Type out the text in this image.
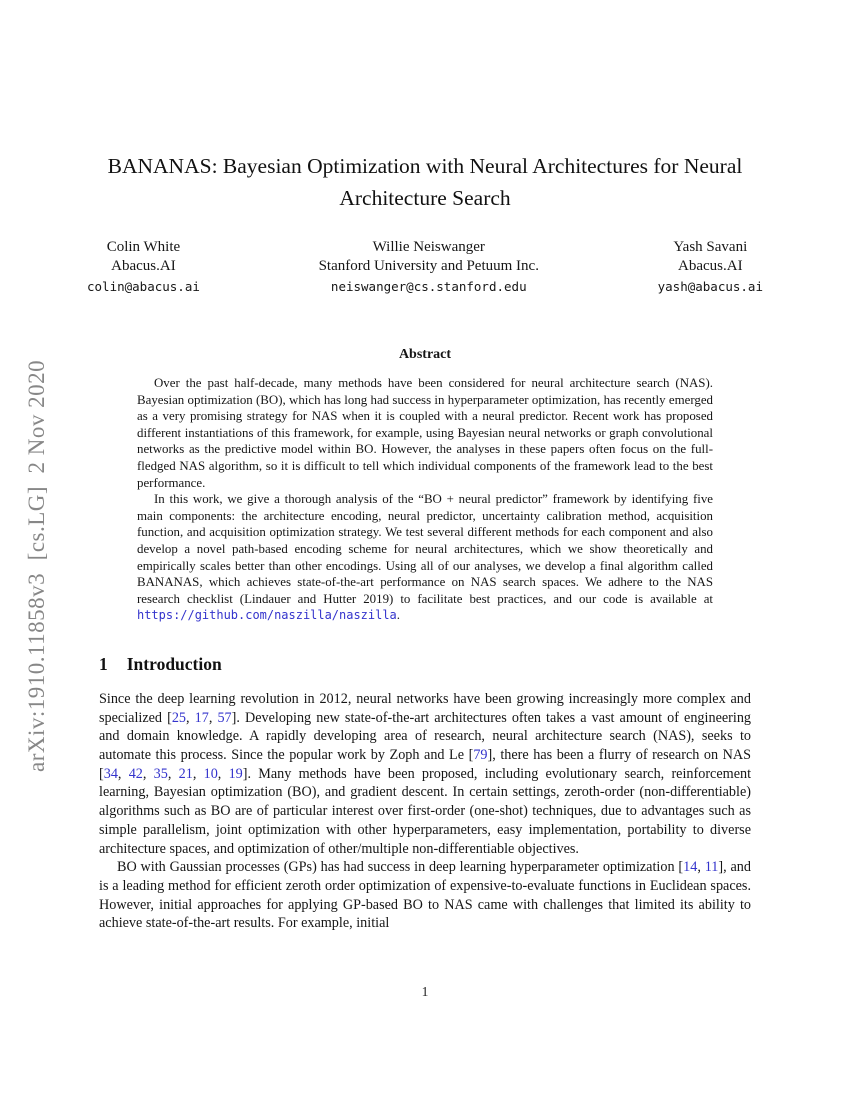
arXiv:1910.11858v3  [cs.LG]  2 Nov 2020
BANANAS: Bayesian Optimization with Neural Architectures for Neural Architecture Search
Colin White
Abacus.AI
colin@abacus.ai
Willie Neiswanger
Stanford University and Petuum Inc.
neiswanger@cs.stanford.edu
Yash Savani
Abacus.AI
yash@abacus.ai
Abstract

Over the past half-decade, many methods have been considered for neural architecture search (NAS). Bayesian optimization (BO), which has long had success in hyperparameter optimization, has recently emerged as a very promising strategy for NAS when it is coupled with a neural predictor. Recent work has proposed different instantiations of this framework, for example, using Bayesian neural networks or graph convolutional networks as the predictive model within BO. However, the analyses in these papers often focus on the full-fledged NAS algorithm, so it is difficult to tell which individual components of the framework lead to the best performance.

In this work, we give a thorough analysis of the “BO + neural predictor” framework by identifying five main components: the architecture encoding, neural predictor, uncertainty calibration method, acquisition function, and acquisition optimization strategy. We test several different methods for each component and also develop a novel path-based encoding scheme for neural architectures, which we show theoretically and empirically scales better than other encodings. Using all of our analyses, we develop a final algorithm called BANANAS, which achieves state-of-the-art performance on NAS search spaces. We adhere to the NAS research checklist (Lindauer and Hutter 2019) to facilitate best practices, and our code is available at https://github.com/naszilla/naszilla.

1 Introduction

Since the deep learning revolution in 2012, neural networks have been growing increasingly more complex and specialized [25, 17, 57]. Developing new state-of-the-art architectures often takes a vast amount of engineering and domain knowledge. A rapidly developing area of research, neural architecture search (NAS), seeks to automate this process. Since the popular work by Zoph and Le [79], there has been a flurry of research on NAS [34, 42, 35, 21, 10, 19]. Many methods have been proposed, including evolutionary search, reinforcement learning, Bayesian optimization (BO), and gradient descent. In certain settings, zeroth-order (non-differentiable) algorithms such as BO are of particular interest over first-order (one-shot) techniques, due to advantages such as simple parallelism, joint optimization with other hyperparameters, easy implementation, portability to diverse architecture spaces, and optimization of other/multiple non-differentiable objectives.

BO with Gaussian processes (GPs) has had success in deep learning hyperparameter optimization [14, 11], and is a leading method for efficient zeroth order optimization of expensive-to-evaluate functions in Euclidean spaces. However, initial approaches for applying GP-based BO to NAS came with challenges that limited its ability to achieve state-of-the-art results. For example, initial

1
